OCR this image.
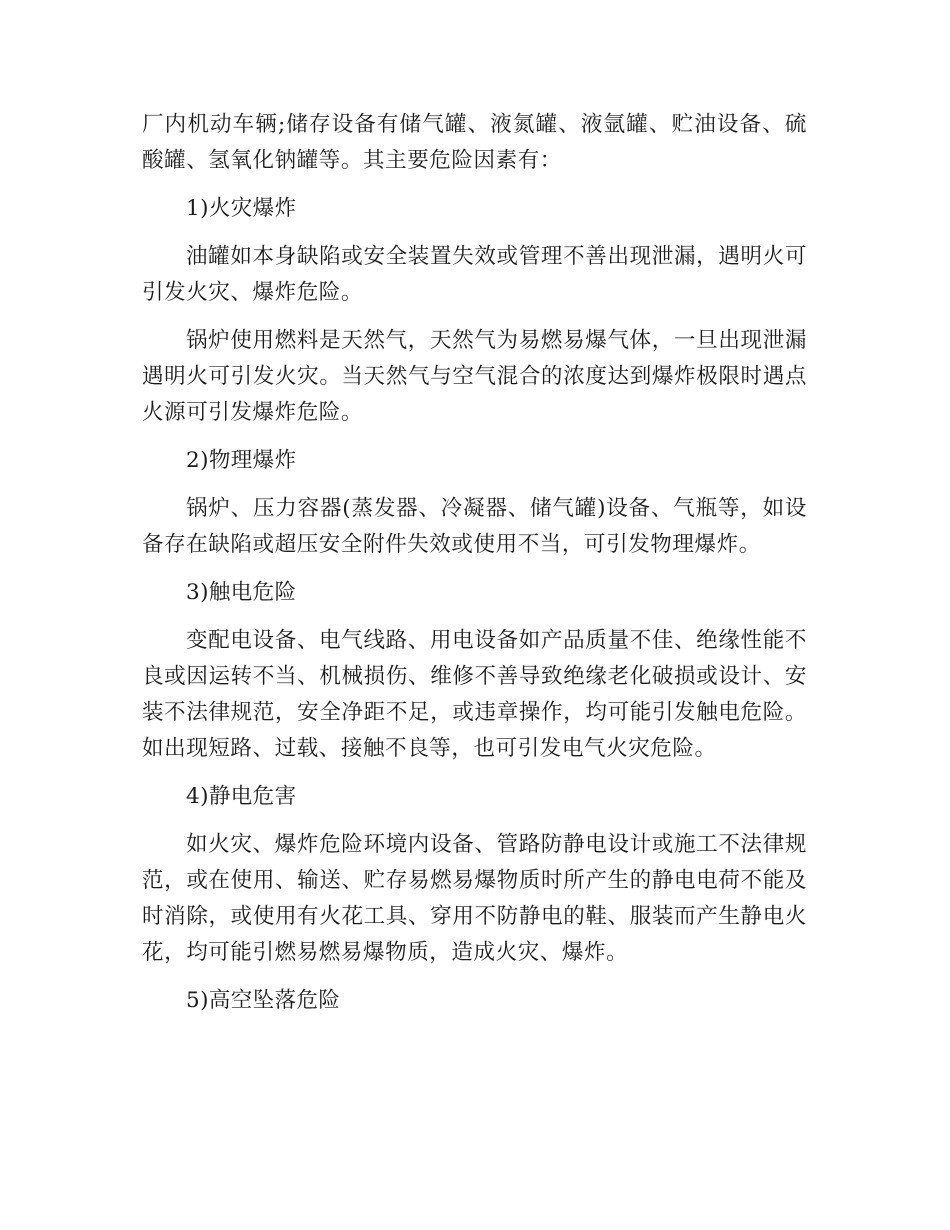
厂内机动车辆;储存设备有储气罐、液氮罐、液氩罐、贮油设备、硫酸罐、氢氧化钠罐等。其主要危险因素有：

1)火灾爆炸

油罐如本身缺陷或安全装置失效或管理不善出现泄漏，遇明火可引发火灾、爆炸危险。

锅炉使用燃料是天然气，天然气为易燃易爆气体，一旦出现泄漏遇明火可引发火灾。当天然气与空气混合的浓度达到爆炸极限时遇点火源可引发爆炸危险。

2)物理爆炸

锅炉、压力容器(蒸发器、冷凝器、储气罐)设备、气瓶等，如设备存在缺陷或超压安全附件失效或使用不当，可引发物理爆炸。

3)触电危险

变配电设备、电气线路、用电设备如产品质量不佳、绝缘性能不良或因运转不当、机械损伤、维修不善导致绝缘老化破损或设计、安装不法律规范，安全净距不足，或违章操作，均可能引发触电危险。如出现短路、过载、接触不良等，也可引发电气火灾危险。

4)静电危害

如火灾、爆炸危险环境内设备、管路防静电设计或施工不法律规范，或在使用、输送、贮存易燃易爆物质时所产生的静电电荷不能及时消除，或使用有火花工具、穿用不防静电的鞋、服装而产生静电火花，均可能引燃易燃易爆物质，造成火灾、爆炸。

5)高空坠落危险
